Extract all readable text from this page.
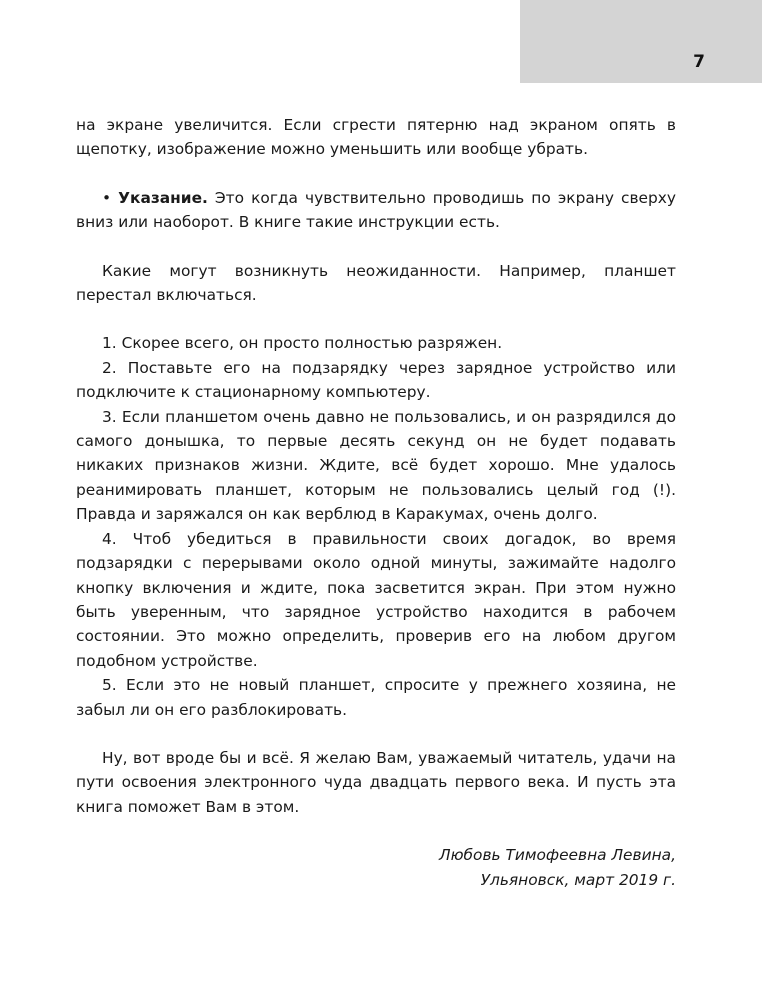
7

на экране увеличится. Если сгрести пятерню над экраном опять в щепотку, изображение можно уменьшить или вообще убрать.

• Указание. Это когда чувствительно проводишь по экрану сверху вниз или наоборот. В книге такие инструкции есть.

Какие могут возникнуть неожиданности. Например, планшет перестал включаться.

1. Скорее всего, он просто полностью разряжен.

2. Поставьте его на подзарядку через зарядное устройство или подключите к стационарному компьютеру.

3. Если планшетом очень давно не пользовались, и он разрядился до самого донышка, то первые десять секунд он не будет подавать никаких признаков жизни. Ждите, всё будет хорошо. Мне удалось реанимировать планшет, которым не пользовались целый год (!). Правда и заряжался он как верблюд в Каракумах, очень долго.

4. Чтоб убедиться в правильности своих догадок, во время подзарядки с перерывами около одной минуты, зажимайте надолго кнопку включения и ждите, пока засветится экран. При этом нужно быть уверенным, что зарядное устройство находится в рабочем состоянии. Это можно определить, проверив его на любом другом подобном устройстве.

5. Если это не новый планшет, спросите у прежнего хозяина, не забыл ли он его разблокировать.

Ну, вот вроде бы и всё. Я желаю Вам, уважаемый читатель, удачи на пути освоения электронного чуда двадцать первого века. И пусть эта книга поможет Вам в этом.

Любовь Тимофеевна Левина,
Ульяновск, март 2019 г.
